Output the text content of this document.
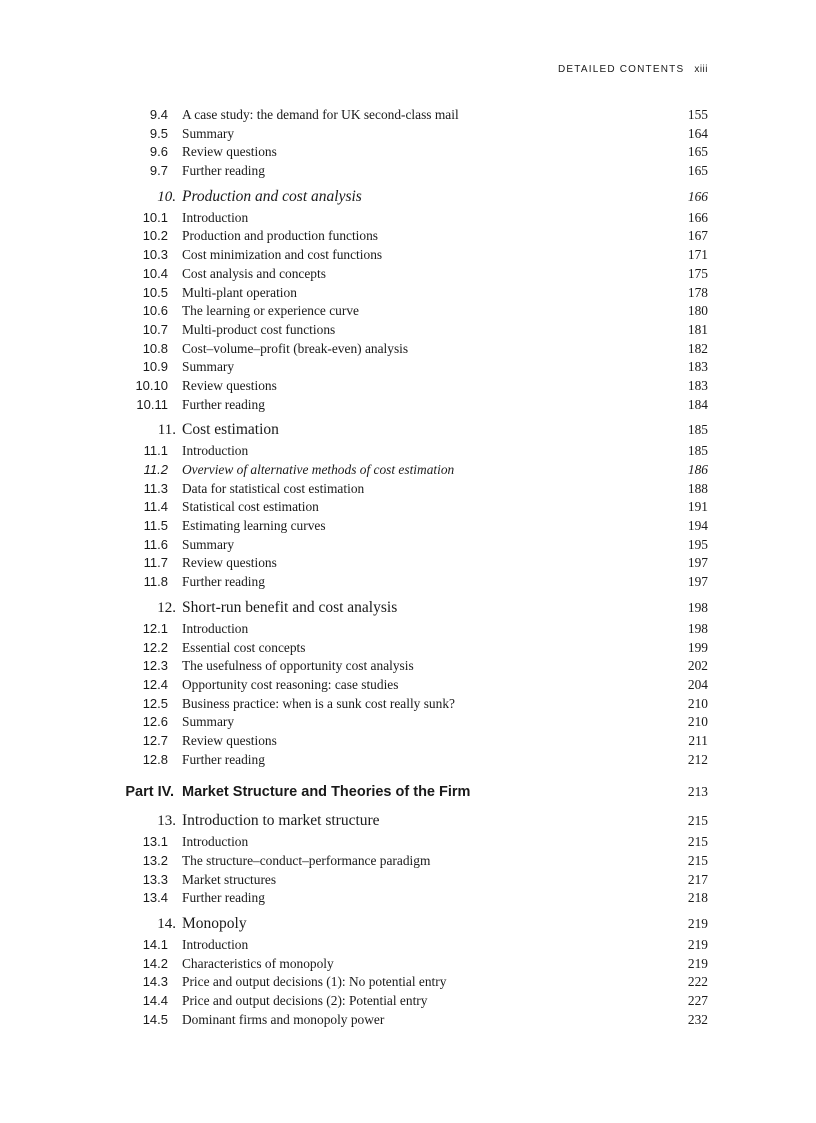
DETAILED CONTENTS xiii
9.4 A case study: the demand for UK second-class mail	155
9.5 Summary	164
9.6 Review questions	165
9.7 Further reading	165
10. Production and cost analysis	166
10.1 Introduction	166
10.2 Production and production functions	167
10.3 Cost minimization and cost functions	171
10.4 Cost analysis and concepts	175
10.5 Multi-plant operation	178
10.6 The learning or experience curve	180
10.7 Multi-product cost functions	181
10.8 Cost–volume–profit (break-even) analysis	182
10.9 Summary	183
10.10 Review questions	183
10.11 Further reading	184
11. Cost estimation	185
11.1 Introduction	185
11.2 Overview of alternative methods of cost estimation	186
11.3 Data for statistical cost estimation	188
11.4 Statistical cost estimation	191
11.5 Estimating learning curves	194
11.6 Summary	195
11.7 Review questions	197
11.8 Further reading	197
12. Short-run benefit and cost analysis	198
12.1 Introduction	198
12.2 Essential cost concepts	199
12.3 The usefulness of opportunity cost analysis	202
12.4 Opportunity cost reasoning: case studies	204
12.5 Business practice: when is a sunk cost really sunk?	210
12.6 Summary	210
12.7 Review questions	211
12.8 Further reading	212
Part IV. Market Structure and Theories of the Firm	213
13. Introduction to market structure	215
13.1 Introduction	215
13.2 The structure–conduct–performance paradigm	215
13.3 Market structures	217
13.4 Further reading	218
14. Monopoly	219
14.1 Introduction	219
14.2 Characteristics of monopoly	219
14.3 Price and output decisions (1): No potential entry	222
14.4 Price and output decisions (2): Potential entry	227
14.5 Dominant firms and monopoly power	232
